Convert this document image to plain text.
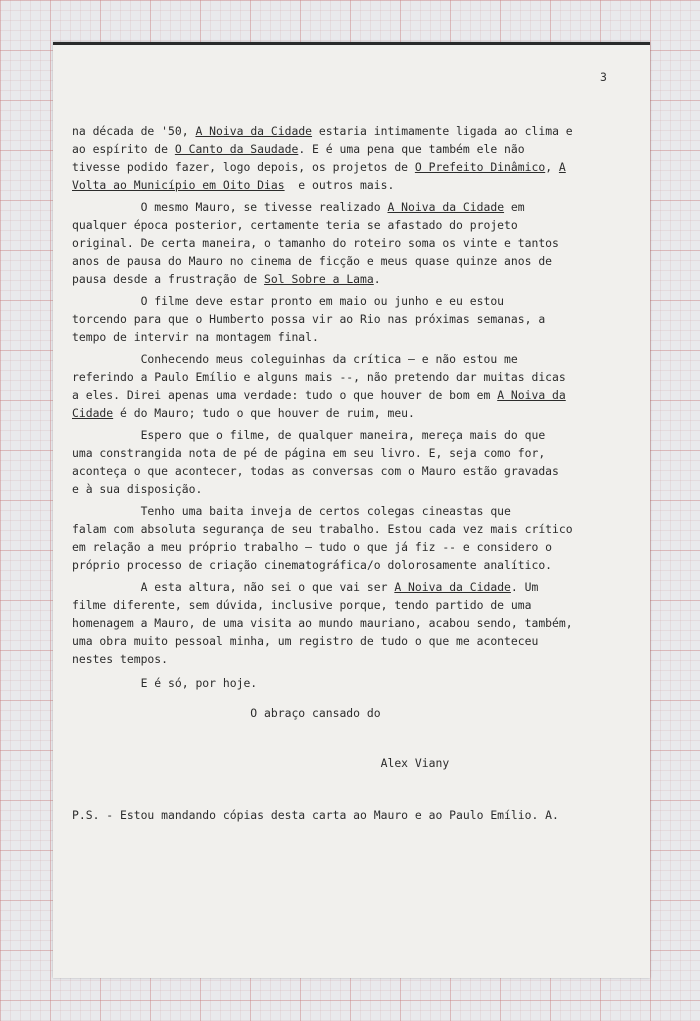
3
na década de '50, A Noiva da Cidade estaria intimamente ligada ao clima e
ao espírito de O Canto da Saudade. E é uma pena que também ele não
tivesse podido fazer, logo depois, os projetos de O Prefeito Dinâmico, A
Volta ao Município em Oito Dias  e outros mais.
O mesmo Mauro, se tivesse realizado A Noiva da Cidade em
qualquer época posterior, certamente teria se afastado do projeto
original. De certa maneira, o tamanho do roteiro soma os vinte e tantos
anos de pausa do Mauro no cinema de ficção e meus quase quinze anos de
pausa desde a frustração de Sol Sobre a Lama.
O filme deve estar pronto em maio ou junho e eu estou
torcendo para que o Humberto possa vir ao Rio nas próximas semanas, a
tempo de intervir na montagem final.
Conhecendo meus coleguinhas da crítica — e não estou me
referindo a Paulo Emílio e alguns mais --, não pretendo dar muitas dicas
a eles. Direi apenas uma verdade: tudo o que houver de bom em A Noiva da
Cidade é do Mauro; tudo o que houver de ruim, meu.
Espero que o filme, de qualquer maneira, mereça mais do que
uma constrangida nota de pé de página em seu livro. E, seja como for,
aconteça o que acontecer, todas as conversas com o Mauro estão gravadas
e à sua disposição.
Tenho uma baita inveja de certos colegas cineastas que
falam com absoluta segurança de seu trabalho. Estou cada vez mais crítico
em relação a meu próprio trabalho — tudo o que já fiz -- e considero o
próprio processo de criação cinematográfica/o dolorosamente analítico.
A esta altura, não sei o que vai ser A Noiva da Cidade. Um
filme diferente, sem dúvida, inclusive porque, tendo partido de uma
homenagem a Mauro, de uma visita ao mundo mauriano, acabou sendo, também,
uma obra muito pessoal minha, um registro de tudo o que me aconteceu
nestes tempos.
E é só, por hoje.
O abraço cansado do
Alex Viany
P.S. - Estou mandando cópias desta carta ao Mauro e ao Paulo Emílio. A.
